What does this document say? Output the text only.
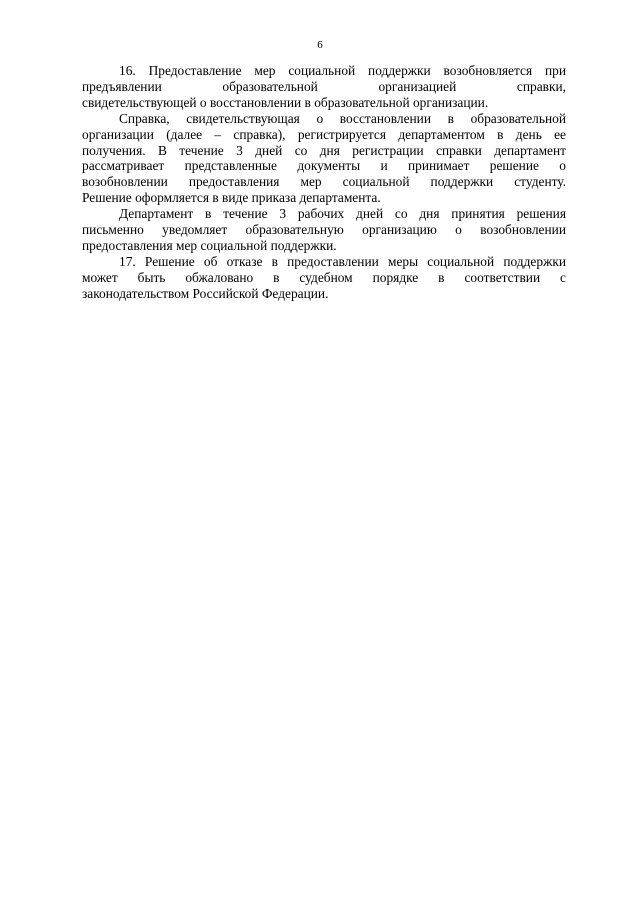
6

16. Предоставление мер социальной поддержки возобновляется при
предъявлении образовательной организацией справки,
свидетельствующей о восстановлении в образовательной организации.

Справка, свидетельствующая о восстановлении в образовательной
организации (далее – справка), регистрируется департаментом в день ее
получения. В течение 3 дней со дня регистрации справки департамент
рассматривает представленные документы и принимает решение о
возобновлении предоставления мер социальной поддержки студенту.
Решение оформляется в виде приказа департамента.

Департамент в течение 3 рабочих дней со дня принятия решения
письменно уведомляет образовательную организацию о возобновлении
предоставления мер социальной поддержки.

17. Решение об отказе в предоставлении меры социальной поддержки
может быть обжаловано в судебном порядке в соответствии с
законодательством Российской Федерации.
